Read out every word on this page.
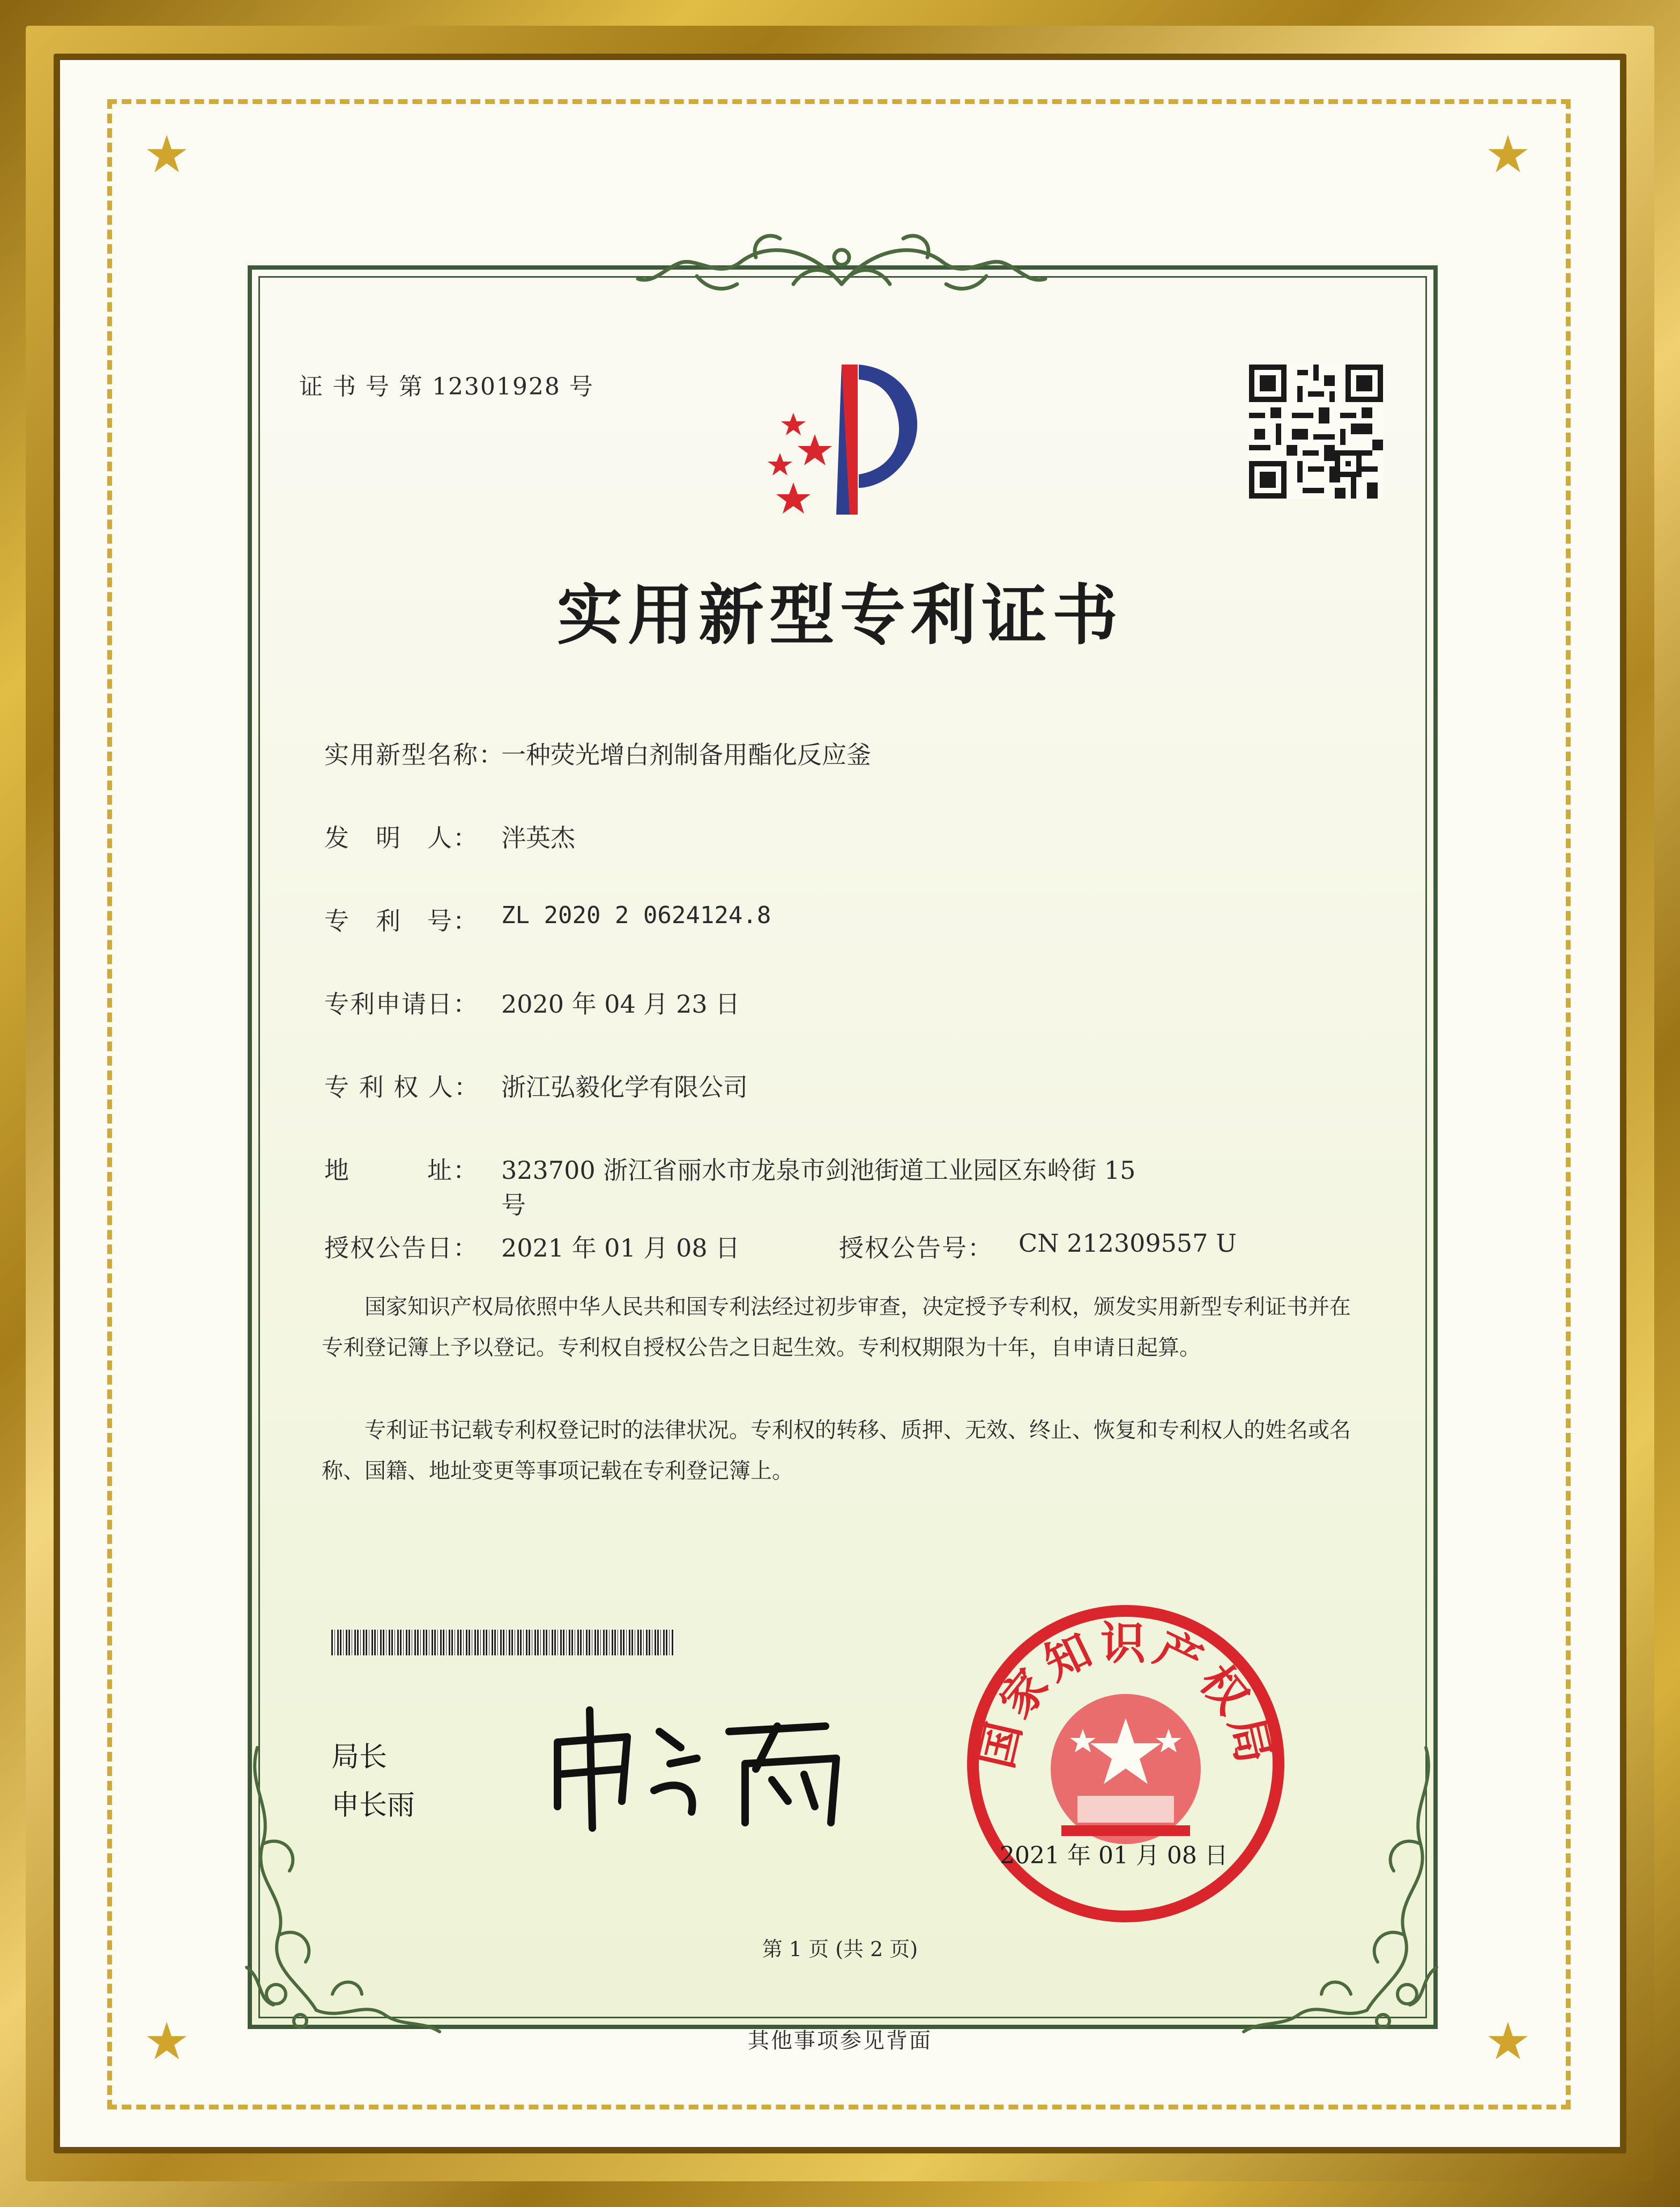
★	★
★	★
证 书 号 第 12301928 号
实用新型专利证书
实用新型名称：
一种荧光增白剂制备用酯化反应釜
发　明　人： 泮英杰
专　利　号： ZL 2020 2 0624124.8
专利申请日： 2020 年 04 月 23 日
专 利 权 人： 浙江弘毅化学有限公司
地　　　址： 323700 浙江省丽水市龙泉市剑池街道工业园区东岭街 15
号
授权公告日： 2021 年 01 月 08 日	授权公告号： CN 212309557 U
国家知识产权局依照中华人民共和国专利法经过初步审查，决定授予专利权，颁发实用新型专利证书并在专利登记簿上予以登记。专利权自授权公告之日起生效。专利权期限为十年，自申请日起算。
专利证书记载专利权登记时的法律状况。专利权的转移、质押、无效、终止、恢复和专利权人的姓名或名称、国籍、地址变更等事项记载在专利登记簿上。
局长
申长雨
国家知识产权局
2021 年 01 月 08 日
第 1 页 (共 2 页)
其他事项参见背面
